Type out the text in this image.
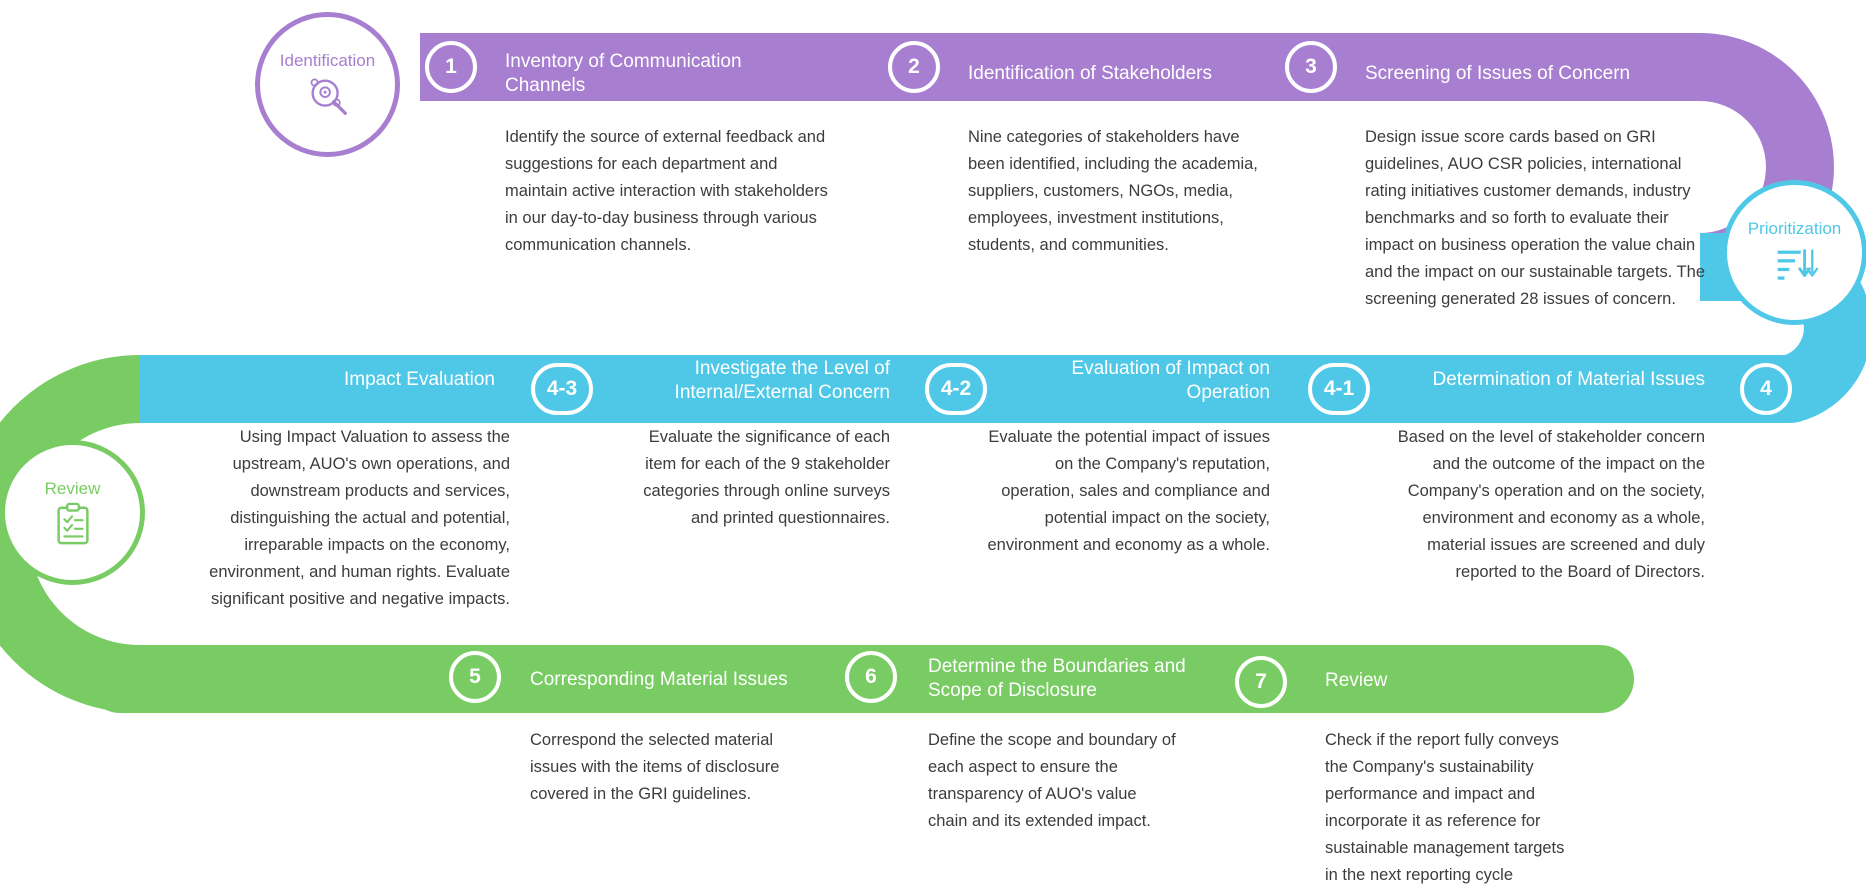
Identification
Prioritization
Review
1	Inventory of Communication Channels
Identify the source of external feedback and suggestions for each department and maintain active interaction with stakeholders in our day-to-day business through various communication channels.
2	Identification of Stakeholders
Nine categories of stakeholders have been identified, including the academia, suppliers, customers, NGOs, media, employees, investment institutions, students, and communities.
3	Screening of Issues of Concern
Design issue score cards based on GRI guidelines, AUO CSR policies, international rating initiatives customer demands, industry benchmarks and so forth to evaluate their impact on business operation the value chain and the impact on our sustainable targets. The screening generated 28 issues of concern.
4
Determination of Material Issues
Based on the level of stakeholder concern and the outcome of the impact on the Company's operation and on the society, environment and economy as a whole, material issues are screened and duly reported to the Board of Directors.
4-1
Evaluation of Impact on Operation
Evaluate the potential impact of issues on the Company's reputation, operation, sales and compliance and potential impact on the society, environment and economy as a whole.
4-2
Investigate the Level of Internal/External Concern
Evaluate the significance of each item for each of the 9 stakeholder categories through online surveys and printed questionnaires.
4-3
Impact Evaluation
Using Impact Valuation to assess the upstream, AUO's own operations, and downstream products and services, distinguishing the actual and potential, irreparable impacts on the economy, environment, and human rights. Evaluate significant positive and negative impacts.
5	Corresponding Material Issues
Correspond the selected material issues with the items of disclosure covered in the GRI guidelines.
6	Determine the Boundaries and Scope of Disclosure
Define the scope and boundary of each aspect to ensure the transparency of AUO's value chain and its extended impact.
7	Review
Check if the report fully conveys the Company's sustainability performance and impact and incorporate it as reference for sustainable management targets in the next reporting cycle
